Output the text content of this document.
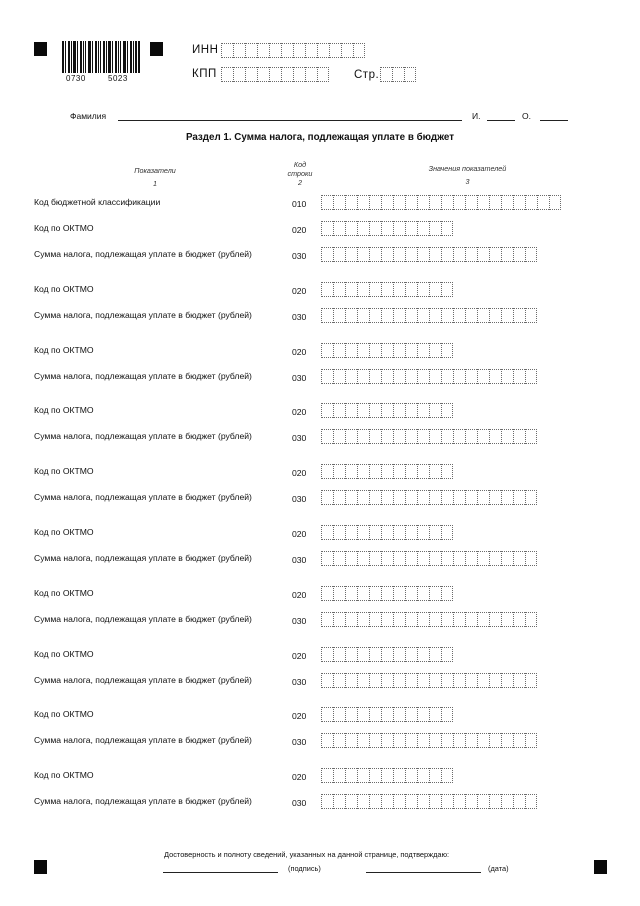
0730	5023
ИНН
КПП	Стр.
Фамилия	И.	О.
Раздел 1. Сумма налога, подлежащая уплате в бюджет
Показатели
1
Код
строки
2
Значения показателей
3
Код бюджетной классификации	010
Код по ОКТМО	020
Сумма налога, подлежащая уплате в бюджет (рублей)	030
Код по ОКТМО	020
Сумма налога, подлежащая уплате в бюджет (рублей)	030
Код по ОКТМО	020
Сумма налога, подлежащая уплате в бюджет (рублей)	030
Код по ОКТМО	020
Сумма налога, подлежащая уплате в бюджет (рублей)	030
Код по ОКТМО	020
Сумма налога, подлежащая уплате в бюджет (рублей)	030
Код по ОКТМО	020
Сумма налога, подлежащая уплате в бюджет (рублей)	030
Код по ОКТМО	020
Сумма налога, подлежащая уплате в бюджет (рублей)	030
Код по ОКТМО	020
Сумма налога, подлежащая уплате в бюджет (рублей)	030
Код по ОКТМО	020
Сумма налога, подлежащая уплате в бюджет (рублей)	030
Код по ОКТМО	020
Сумма налога, подлежащая уплате в бюджет (рублей)	030
Достоверность и полноту сведений, указанных на данной странице, подтверждаю:
(подпись)	(дата)
